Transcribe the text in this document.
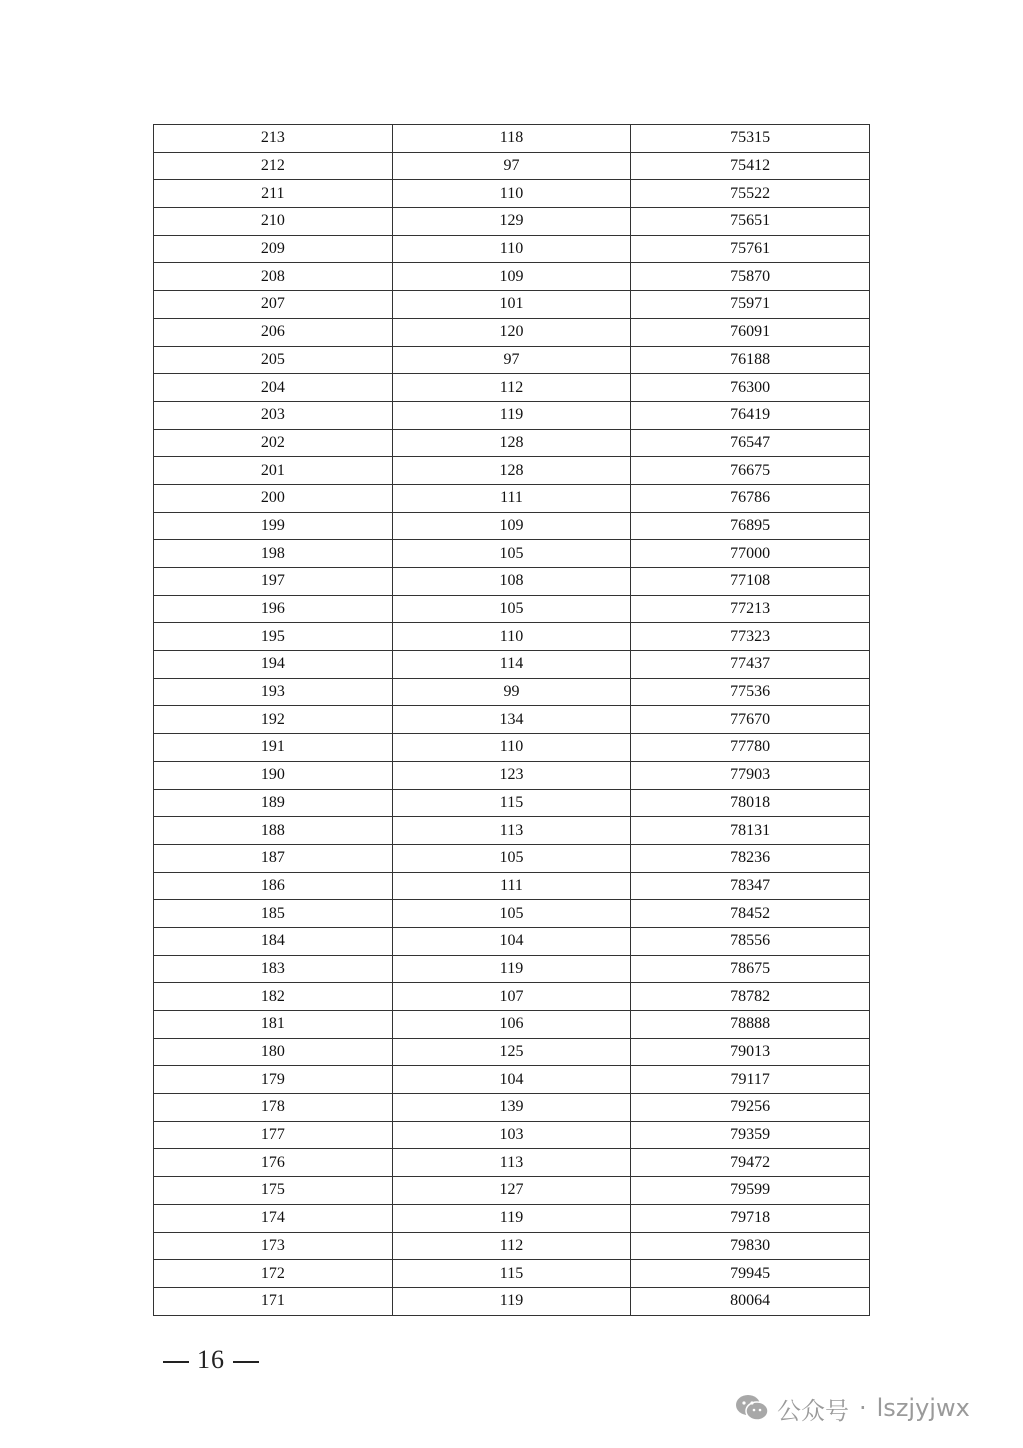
213	118	75315
212	97	75412
211	110	75522
210	129	75651
209	110	75761
208	109	75870
207	101	75971
206	120	76091
205	97	76188
204	112	76300
203	119	76419
202	128	76547
201	128	76675
200	111	76786
199	109	76895
198	105	77000
197	108	77108
196	105	77213
195	110	77323
194	114	77437
193	99	77536
192	134	77670
191	110	77780
190	123	77903
189	115	78018
188	113	78131
187	105	78236
186	111	78347
185	105	78452
184	104	78556
183	119	78675
182	107	78782
181	106	78888
180	125	79013
179	104	79117
178	139	79256
177	103	79359
176	113	79472
175	127	79599
174	119	79718
173	112	79830
172	115	79945
171	119	80064
16
公众号 · lszjyjwx
